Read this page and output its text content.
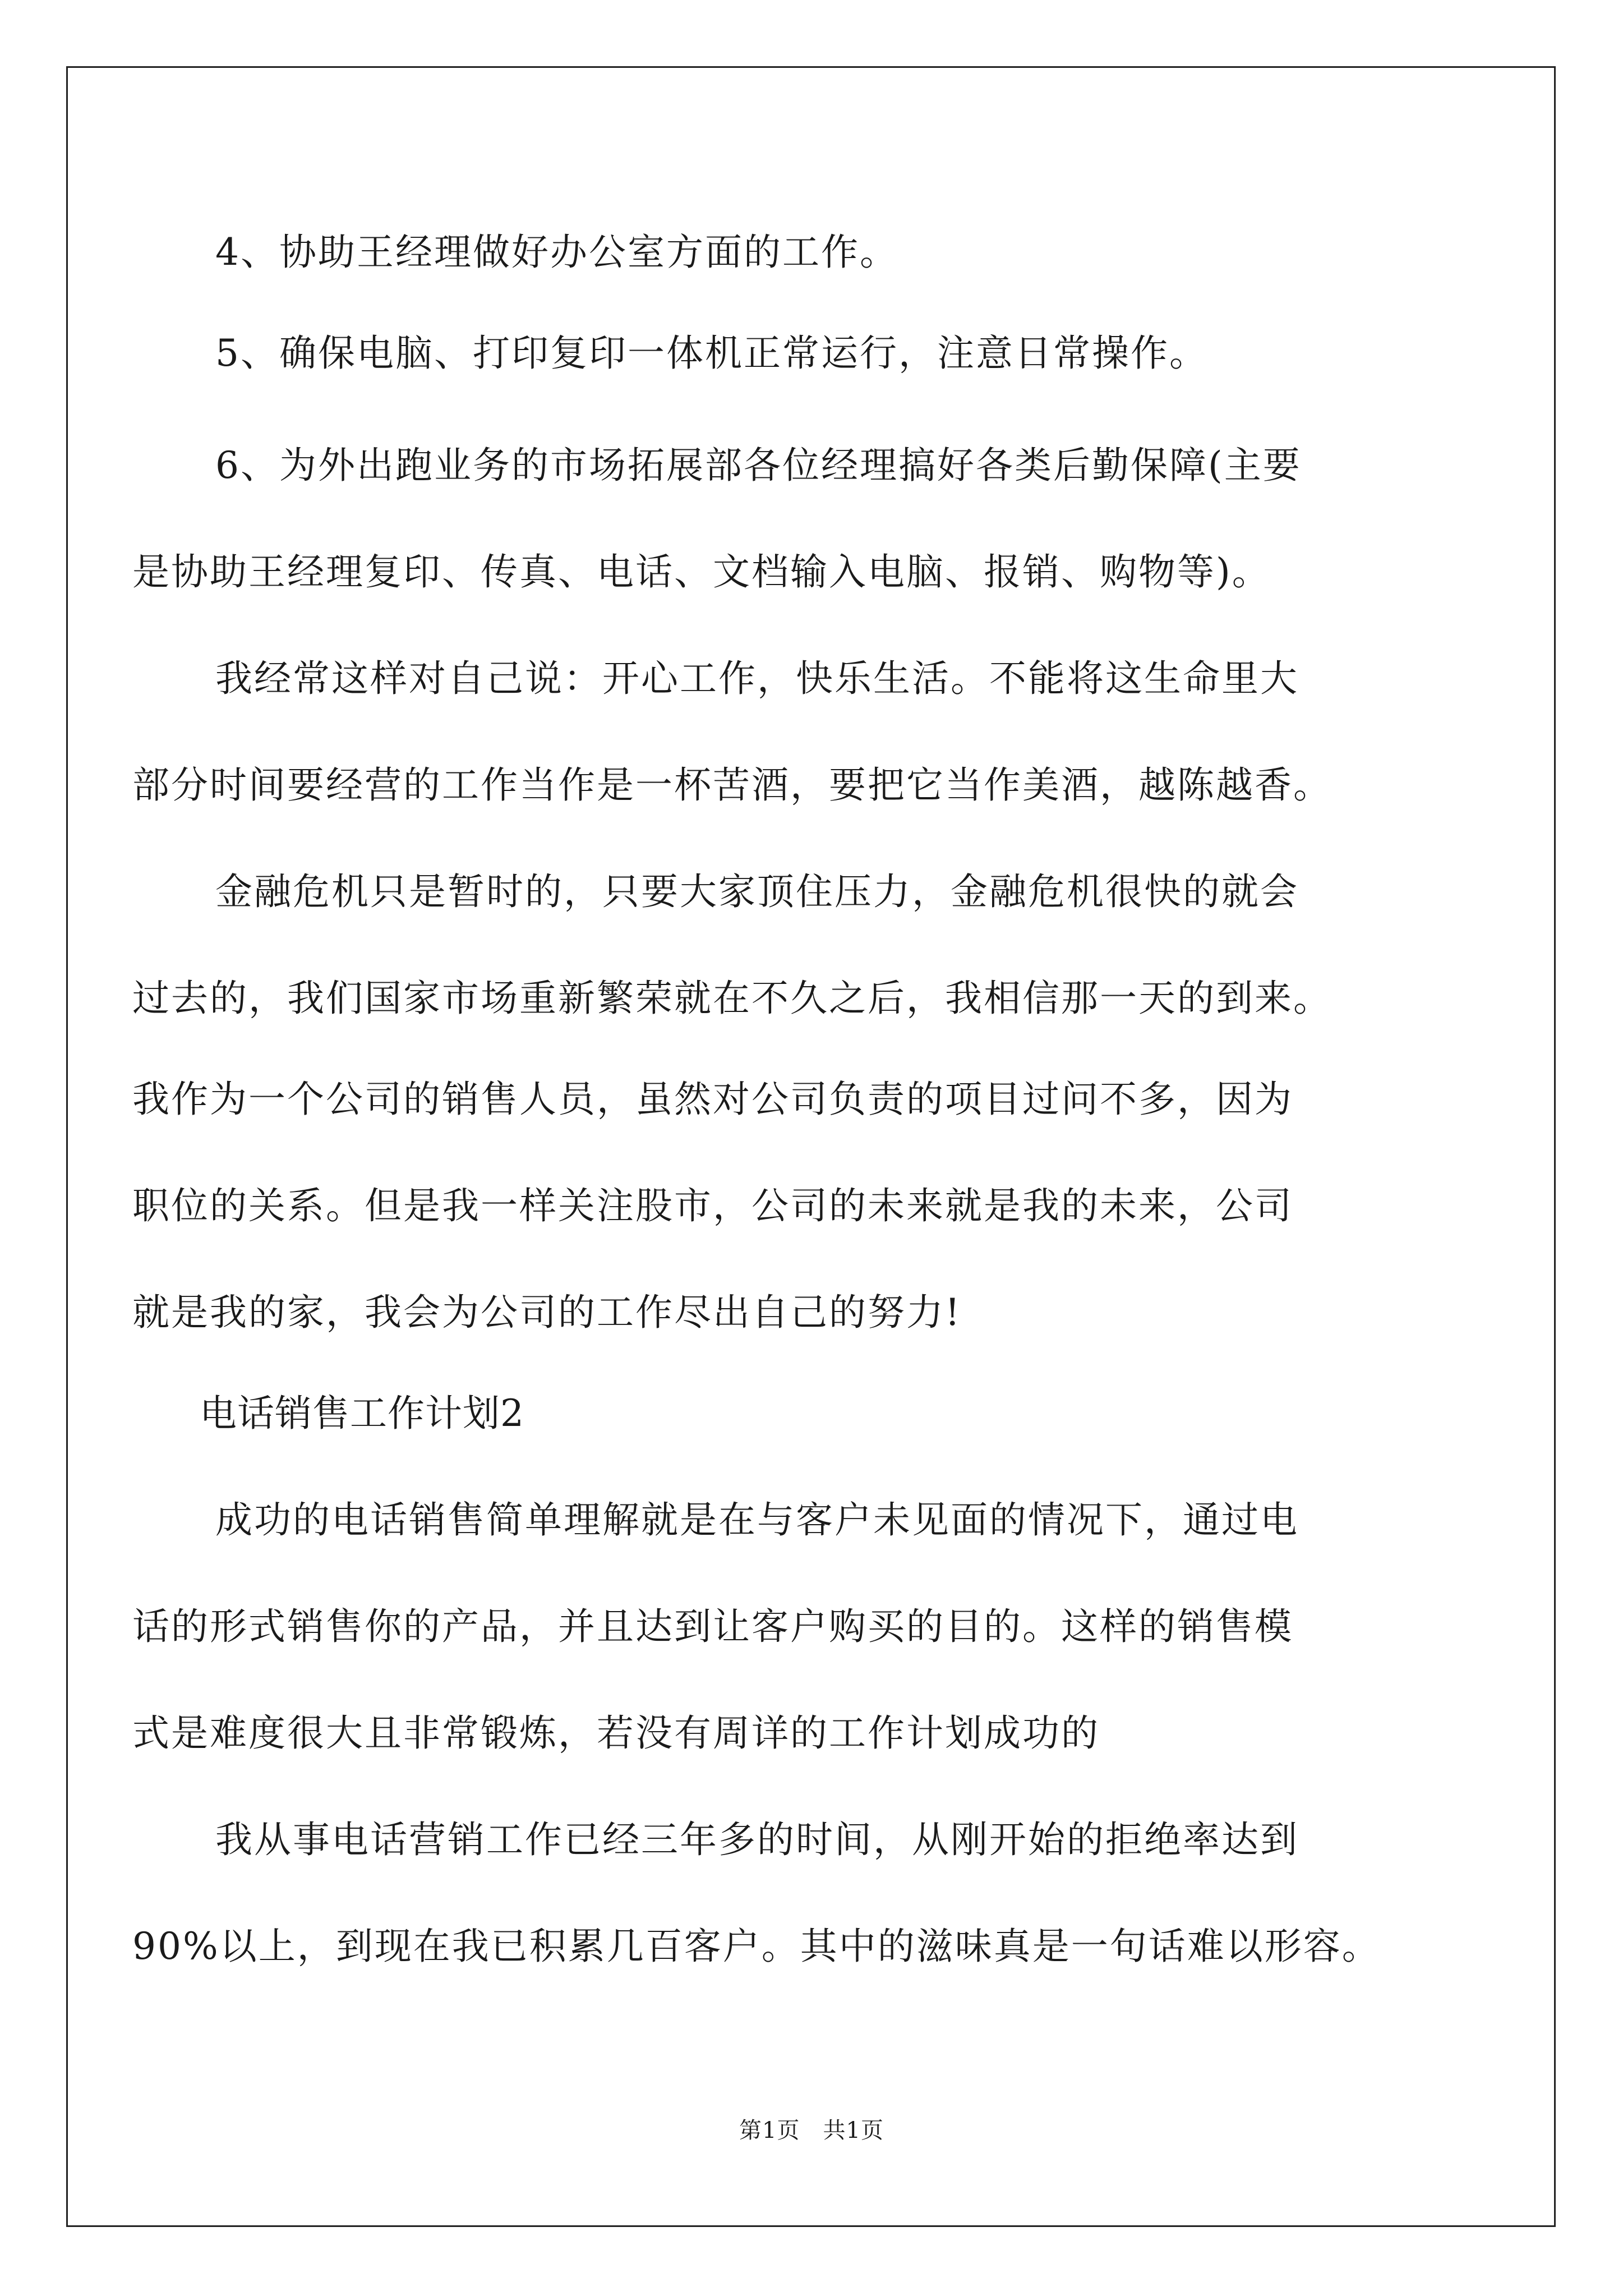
4、协助王经理做好办公室方面的工作。
5、确保电脑、打印复印一体机正常运行，注意日常操作。
6、为外出跑业务的市场拓展部各位经理搞好各类后勤保障(主要
是协助王经理复印、传真、电话、文档输入电脑、报销、购物等)。
我经常这样对自己说：开心工作，快乐生活。不能将这生命里大
部分时间要经营的工作当作是一杯苦酒，要把它当作美酒，越陈越香。
金融危机只是暂时的，只要大家顶住压力，金融危机很快的就会
过去的，我们国家市场重新繁荣就在不久之后，我相信那一天的到来。
我作为一个公司的销售人员，虽然对公司负责的项目过问不多，因为
职位的关系。但是我一样关注股市，公司的未来就是我的未来，公司
就是我的家，我会为公司的工作尽出自己的努力!
电话销售工作计划2
成功的电话销售简单理解就是在与客户未见面的情况下，通过电
话的形式销售你的产品，并且达到让客户购买的目的。这样的销售模
式是难度很大且非常锻炼，若没有周详的工作计划成功的
我从事电话营销工作已经三年多的时间，从刚开始的拒绝率达到
90%以上，到现在我已积累几百客户。其中的滋味真是一句话难以形容。
第1页　共1页
